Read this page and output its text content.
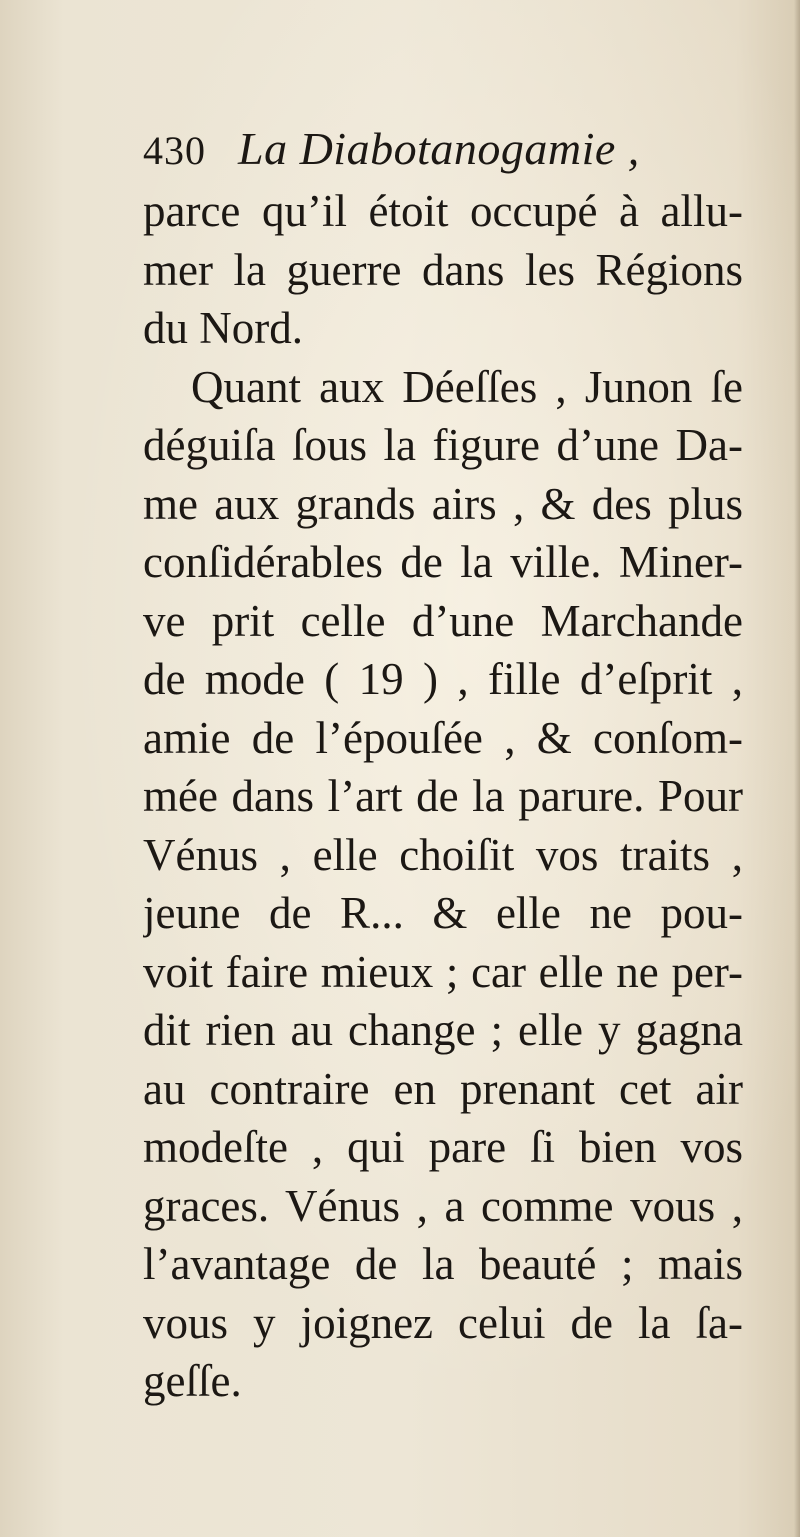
430 La Diabotanogamie ,
parce qu’il étoit occupé à allu-
mer la guerre dans les Régions
du Nord.
Quant aux Déeſſes , Junon ſe
déguiſa ſous la figure d’une Da-
me aux grands airs , & des plus
conſidérables de la ville. Miner-
ve prit celle d’une Marchande
de mode ( 19 ) , fille d’eſprit ,
amie de l’épouſée , & conſom-
mée dans l’art de la parure. Pour
Vénus , elle choiſit vos traits ,
jeune de R... & elle ne pou-
voit faire mieux ; car elle ne per-
dit rien au change ; elle y gagna
au contraire en prenant cet air
modeſte , qui pare ſi bien vos
graces. Vénus , a comme vous ,
l’avantage de la beauté ; mais
vous y joignez celui de la ſa-
geſſe.
